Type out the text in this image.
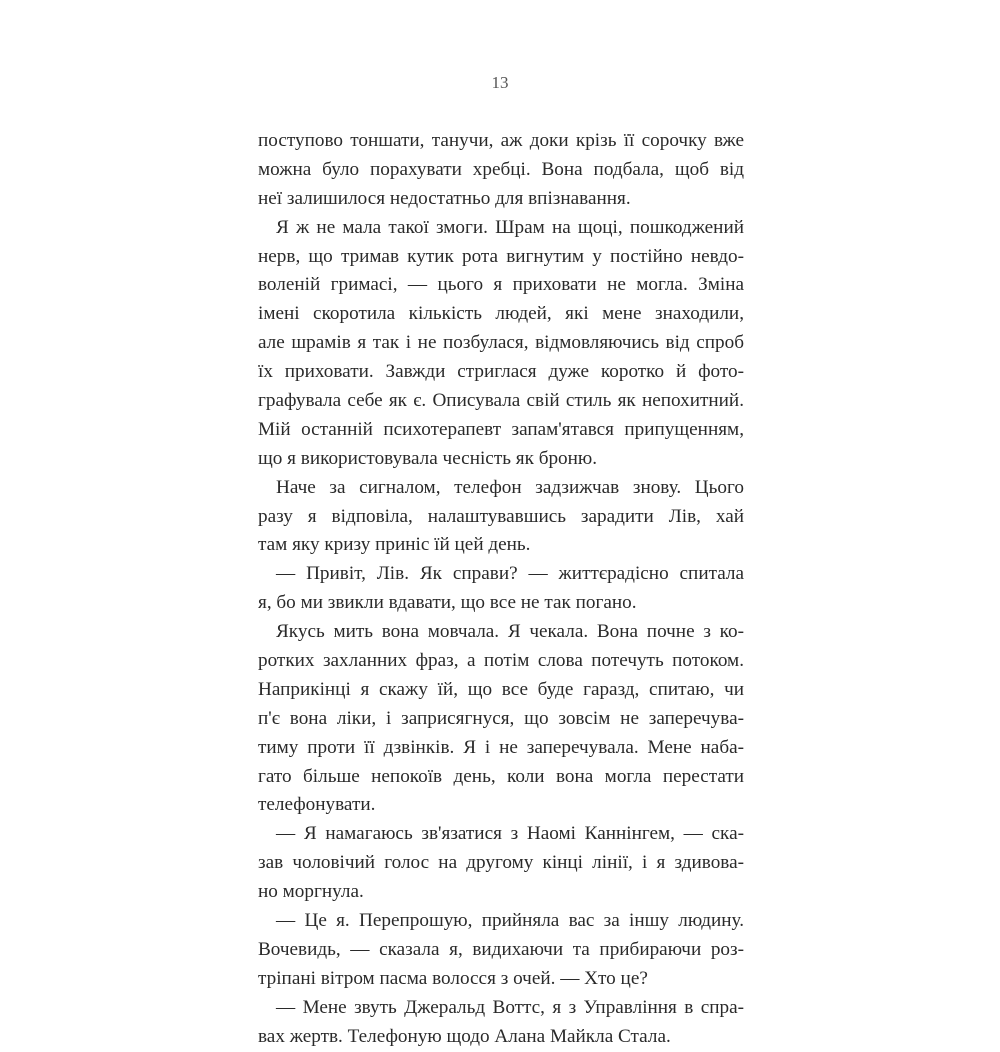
13
поступово тоншати, танучи, аж доки крізь її сорочку вже
можна було порахувати хребці. Вона подбала, щоб від
неї залишилося недостатньо для впізнавання.
Я ж не мала такої змоги. Шрам на щоці, пошкоджений
нерв, що тримав кутик рота вигнутим у постійно невдо-
воленій гримасі, — цього я приховати не могла. Зміна
імені скоротила кількість людей, які мене знаходили,
але шрамів я так і не позбулася, відмовляючись від спроб
їх приховати. Завжди стриглася дуже коротко й фото-
графувала себе як є. Описувала свій стиль як непохитний.
Мій останній психотерапевт запам'ятався припущенням,
що я використовувала чесність як броню.
Наче за сигналом, телефон задзижчав знову. Цього
разу я відповіла, налаштувавшись зарадити Лів, хай
там яку кризу приніс їй цей день.
— Привіт, Лів. Як справи? — життєрадісно спитала
я, бо ми звикли вдавати, що все не так погано.
Якусь мить вона мовчала. Я чекала. Вона почне з ко-
ротких захланних фраз, а потім слова потечуть потоком.
Наприкінці я скажу їй, що все буде гаразд, спитаю, чи
п'є вона ліки, і заприсягнуся, що зовсім не заперечува-
тиму проти її дзвінків. Я і не заперечувала. Мене наба-
гато більше непокоїв день, коли вона могла перестати
телефонувати.
— Я намагаюсь зв'язатися з Наомі Каннінгем, — ска-
зав чоловічий голос на другому кінці лінії, і я здивова-
но моргнула.
— Це я. Перепрошую, прийняла вас за іншу людину.
Вочевидь, — сказала я, видихаючи та прибираючи роз-
тріпані вітром пасма волосся з очей. — Хто це?
— Мене звуть Джеральд Воттс, я з Управління в спра-
вах жертв. Телефоную щодо Алана Майкла Стала.
